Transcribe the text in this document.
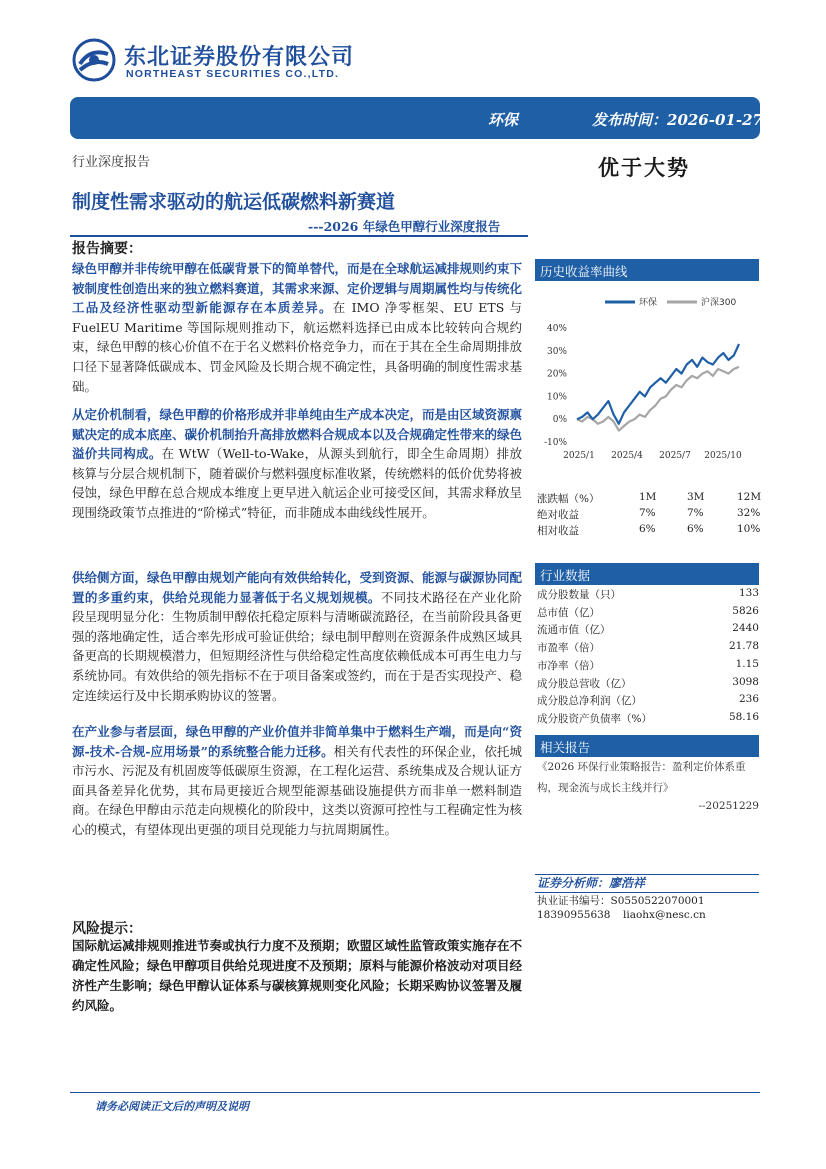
东北证券股份有限公司
NORTHEAST SECURITIES CO.,LTD.
环保	发布时间：2026-01-27
行业深度报告	优于大势
制度性需求驱动的航运低碳燃料新赛道
---2026 年绿色甲醇行业深度报告
报告摘要：
绿色甲醇并非传统甲醇在低碳背景下的简单替代，而是在全球航运减排规则约束下被制度性创造出来的独立燃料赛道，其需求来源、定价逻辑与周期属性均与传统化工品及经济性驱动型新能源存在本质差异。在 IMO 净零框架、EU ETS 与 FuelEU Maritime 等国际规则推动下，航运燃料选择已由成本比较转向合规约束，绿色甲醇的核心价值不在于名义燃料价格竞争力，而在于其在全生命周期排放口径下显著降低碳成本、罚金风险及长期合规不确定性，具备明确的制度性需求基础。
从定价机制看，绿色甲醇的价格形成并非单纯由生产成本决定，而是由区域资源禀赋决定的成本底座、碳价机制抬升高排放燃料合规成本以及合规确定性带来的绿色溢价共同构成。在 WtW（Well-to-Wake，从源头到航行，即全生命周期）排放核算与分层合规机制下，随着碳价与燃料强度标准收紧，传统燃料的低价优势将被侵蚀，绿色甲醇在总合规成本维度上更早进入航运企业可接受区间，其需求释放呈现围绕政策节点推进的“阶梯式”特征，而非随成本曲线线性展开。
供给侧方面，绿色甲醇由规划产能向有效供给转化，受到资源、能源与碳源协同配置的多重约束，供给兑现能力显著低于名义规划规模。不同技术路径在产业化阶段呈现明显分化：生物质制甲醇依托稳定原料与清晰碳流路径，在当前阶段具备更强的落地确定性，适合率先形成可验证供给；绿电制甲醇则在资源条件成熟区域具备更高的长期规模潜力，但短期经济性与供给稳定性高度依赖低成本可再生电力与系统协同。有效供给的领先指标不在于项目备案或签约，而在于是否实现投产、稳定连续运行及中长期承购协议的签署。
在产业参与者层面，绿色甲醇的产业价值并非简单集中于燃料生产端，而是向“资源-技术-合规-应用场景”的系统整合能力迁移。相关有代表性的环保企业，依托城市污水、污泥及有机固废等低碳原生资源，在工程化运营、系统集成及合规认证方面具备差异化优势，其布局更接近合规型能源基础设施提供方而非单一燃料制造商。在绿色甲醇由示范走向规模化的阶段中，这类以资源可控性与工程确定性为核心的模式，有望体现出更强的项目兑现能力与抗周期属性。
风险提示：
国际航运减排规则推进节奏或执行力度不及预期；欧盟区域性监管政策实施存在不确定性风险；绿色甲醇项目供给兑现进度不及预期；原料与能源价格波动对项目经济性产生影响；绿色甲醇认证体系与碳核算规则变化风险；长期采购协议签署及履约风险。
历史收益率曲线
环保	沪深300
40%
30%
20%
10%
0%
-10%
2025/1 2025/4 2025/7 2025/10
涨跌幅（%）	1M	3M	12M
绝对收益	7%	7%	32%
相对收益	6%	6%	10%
行业数据
成分股数量（只）	133
总市值（亿）	5826
流通市值（亿）	2440
市盈率（倍）	21.78
市净率（倍）	1.15
成分股总营收（亿）	3098
成分股总净利润（亿）	236
成分股资产负债率（%）	58.16
相关报告
《2026 环保行业策略报告：盈利定价体系重构，现金流与成长主线并行》
--20251229
证券分析师：廖浩祥
执业证书编号：S0550522070001
18390955638 liaohx@nesc.cn
请务必阅读正文后的声明及说明
